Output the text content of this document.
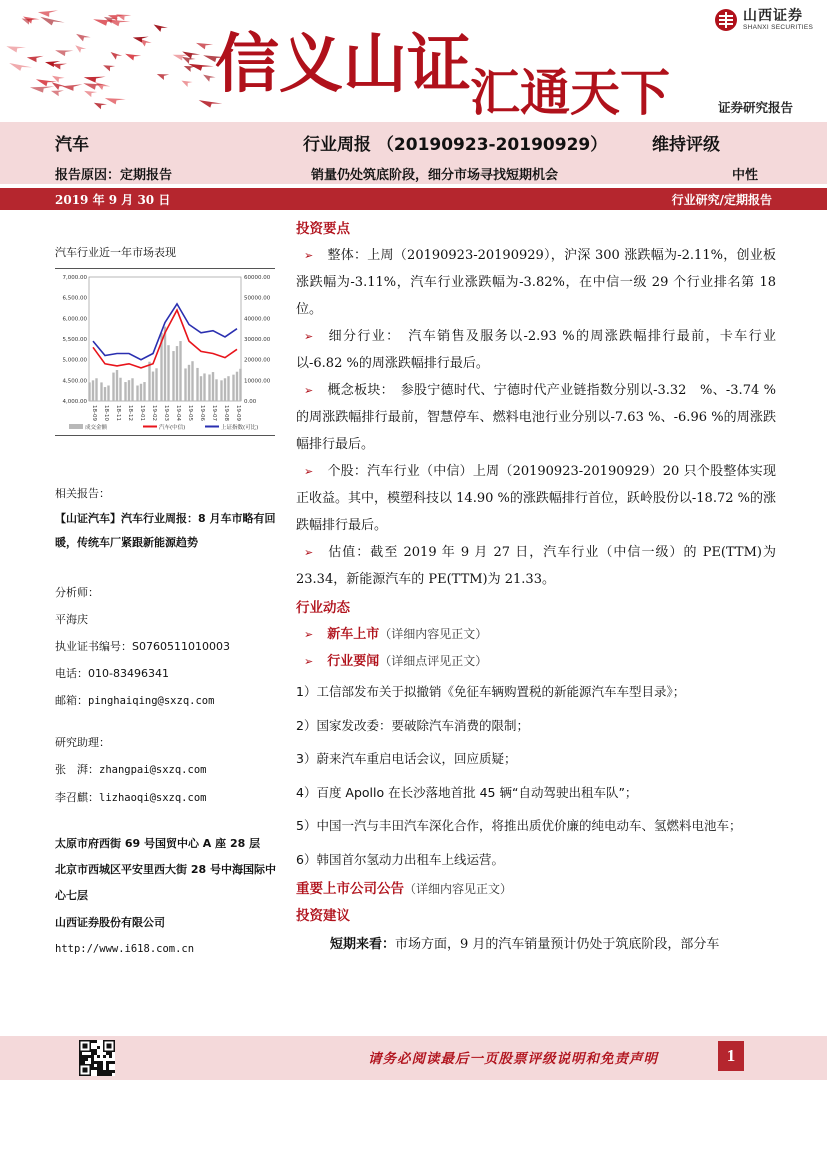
信义山证 汇通天下
山西证券
SHANXI SECURITIES
证券研究报告
汽车	行业周报 （20190923-20190929）	维持评级
报告原因：定期报告	销量仍处筑底阶段，细分市场寻找短期机会	中性
2019 年 9 月 30 日	行业研究/定期报告
汽车行业近一年市场表现
7,000.00
6,500.00
6,000.00
5,500.00
5,000.00
4,500.00
4,000.00
60000.00
50000.00
40000.00
30000.00
20000.00
10000.00
0.00
18-09 18-10 18-11 18-12 19-01 19-02 19-03 19-04 19-05 19-06 19-07 19-08 19-09
成交金额	汽车(中信)	上证指数(可比)
相关报告：
【山证汽车】汽车行业周报：8 月车市略有回暖，传统车厂紧跟新能源趋势
分析师：
平海庆
执业证书编号：S0760511010003
电话：010-83496341
邮箱：pinghaiqing@sxzq.com
研究助理：
张　湃：zhangpai@sxzq.com
李召麒：lizhaoqi@sxzq.com
太原市府西街 69 号国贸中心 A 座 28 层
北京市西城区平安里西大街 28 号中海国际中心七层
山西证券股份有限公司
http://www.i618.com.cn
投资要点
➢ 整体：上周（20190923-20190929），沪深 300 涨跌幅为-2.11%，创业板涨跌幅为-3.11%，汽车行业涨跌幅为-3.82%，在中信一级 29 个行业排名第 18 位。
➢ 细分行业：　汽车销售及服务以-2.93 %的周涨跌幅排行最前，卡车行业以-6.82 %的周涨跌幅排行最后。
➢ 概念板块：　参股宁德时代、宁德时代产业链指数分别以-3.32　%、-3.74 %的周涨跌幅排行最前，智慧停车、燃料电池行业分别以-7.63 %、-6.96 %的周涨跌幅排行最后。
➢ 个股：汽车行业（中信）上周（20190923-20190929）20 只个股整体实现正收益。其中，模塑科技以 14.90 %的涨跌幅排行首位，跃岭股份以-18.72 %的涨跌幅排行最后。
➢ 估值：截至 2019 年 9 月 27 日，汽车行业（中信一级）的 PE(TTM)为 23.34，新能源汽车的 PE(TTM)为 21.33。
行业动态
➢ 新车上市（详细内容见正文）
➢ 行业要闻（详细点评见正文）
1）工信部发布关于拟撤销《免征车辆购置税的新能源汽车车型目录》；
2）国家发改委：要破除汽车消费的限制；
3）蔚来汽车重启电话会议，回应质疑；
4）百度 Apollo 在长沙落地首批 45 辆“自动驾驶出租车队”；
5）中国一汽与丰田汽车深化合作，将推出质优价廉的纯电动车、氢燃料电池车；
6）韩国首尔氢动力出租车上线运营。
重要上市公司公告（详细内容见正文）
投资建议
短期来看：市场方面，9 月的汽车销量预计仍处于筑底阶段，部分车
请务必阅读最后一页股票评级说明和免责声明	1
